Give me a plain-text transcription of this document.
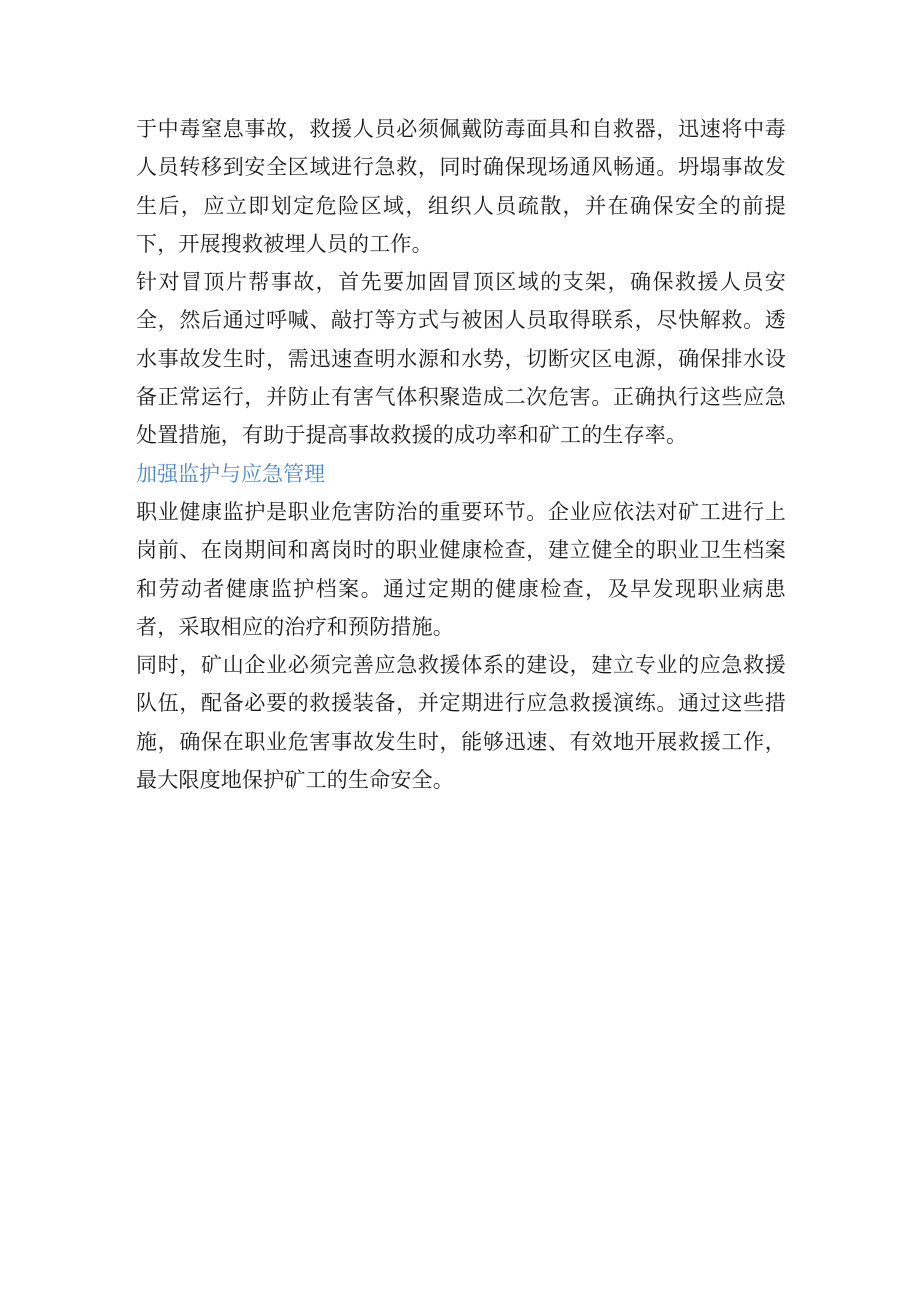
于中毒窒息事故，救援人员必须佩戴防毒面具和自救器，迅速将中毒人员转移到安全区域进行急救，同时确保现场通风畅通。坍塌事故发生后，应立即划定危险区域，组织人员疏散，并在确保安全的前提下，开展搜救被埋人员的工作。

针对冒顶片帮事故，首先要加固冒顶区域的支架，确保救援人员安全，然后通过呼喊、敲打等方式与被困人员取得联系，尽快解救。透水事故发生时，需迅速查明水源和水势，切断灾区电源，确保排水设备正常运行，并防止有害气体积聚造成二次危害。正确执行这些应急处置措施，有助于提高事故救援的成功率和矿工的生存率。

加强监护与应急管理

职业健康监护是职业危害防治的重要环节。企业应依法对矿工进行上岗前、在岗期间和离岗时的职业健康检查，建立健全的职业卫生档案和劳动者健康监护档案。通过定期的健康检查，及早发现职业病患者，采取相应的治疗和预防措施。

同时，矿山企业必须完善应急救援体系的建设，建立专业的应急救援队伍，配备必要的救援装备，并定期进行应急救援演练。通过这些措施，确保在职业危害事故发生时，能够迅速、有效地开展救援工作，最大限度地保护矿工的生命安全。
